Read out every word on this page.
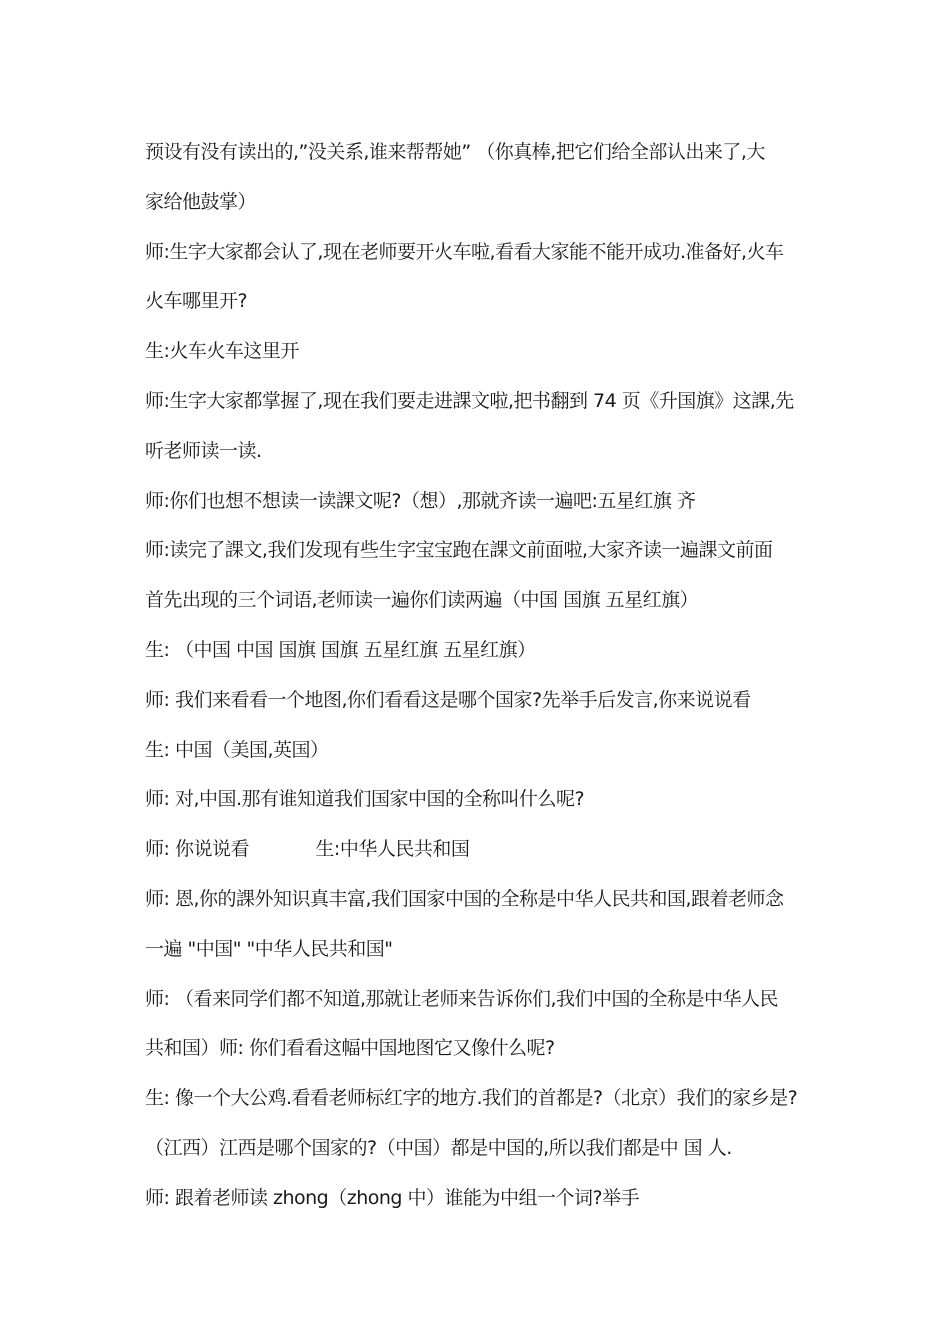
预设有没有读出的,”没关系,谁来帮帮她” （你真棒,把它们给全部认出来了,大
家给他鼓掌）
师:生字大家都会认了,现在老师要开火车啦,看看大家能不能开成功.准备好,火车
火车哪里开?
生:火车火车这里开
师:生字大家都掌握了,现在我们要走进課文啦,把书翻到 74 页《升国旗》这課,先
听老师读一读.
师:你们也想不想读一读課文呢?（想）,那就齐读一遍吧:五星红旗 齐
师:读完了課文,我们发现有些生字宝宝跑在課文前面啦,大家齐读一遍課文前面
首先出现的三个词语,老师读一遍你们读两遍（中国 国旗 五星红旗）
生: （中国 中国 国旗 国旗 五星红旗 五星红旗）
师: 我们来看看一个地图,你们看看这是哪个国家?先举手后发言,你来说说看
生: 中国（美国,英国）
师: 对,中国.那有谁知道我们国家中国的全称叫什么呢?
师: 你说说看            生:中华人民共和国
师: 恩,你的課外知识真丰富,我们国家中国的全称是中华人民共和国,跟着老师念
一遍 "中国" "中华人民共和国"
师: （看来同学们都不知道,那就让老师来告诉你们,我们中国的全称是中华人民
共和国）师: 你们看看这幅中国地图它又像什么呢?
生: 像一个大公鸡.看看老师标红字的地方.我们的首都是?（北京）我们的家乡是?
（江西）江西是哪个国家的?（中国）都是中国的,所以我们都是中 国 人.
师: 跟着老师读 zhong（zhong 中）谁能为中组一个词?举手
